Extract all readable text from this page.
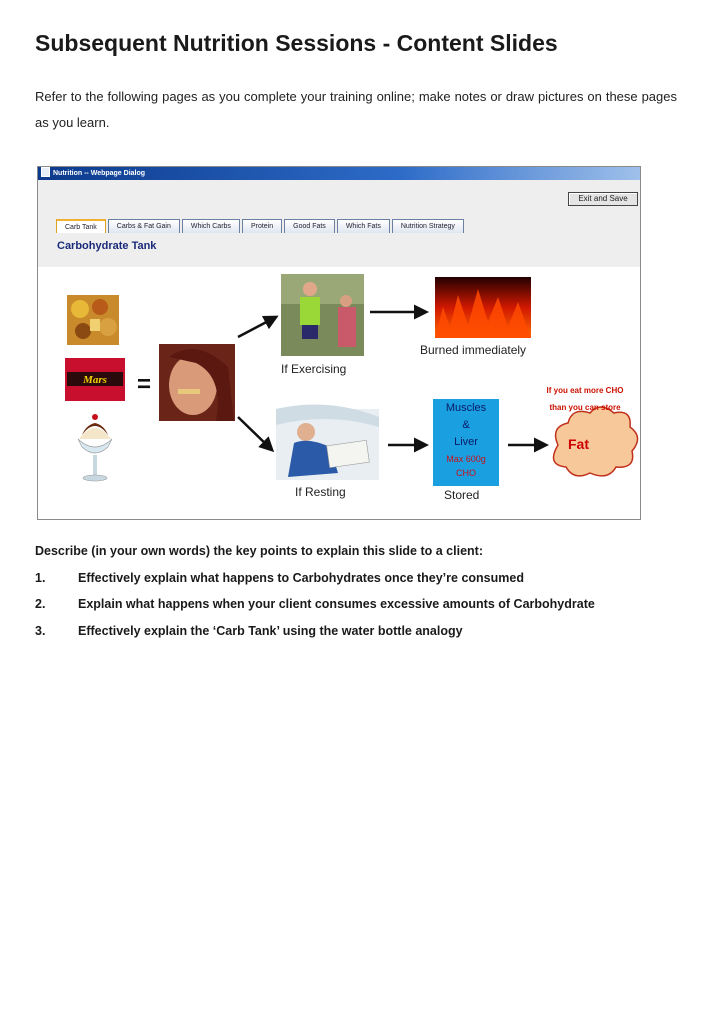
Subsequent Nutrition Sessions - Content Slides
Refer to the following pages as you complete your training online; make notes or draw pictures on these pages as you learn.
Nutrition -- Webpage Dialog
Exit and Save
Carb Tank	Carbs & Fat Gain	Which Carbs	Protein	Good Fats	Which Fats	Nutrition Strategy
Carbohydrate Tank
Mars =
If Exercising
Burned immediately
If Resting	Stored
If you eat more CHO
than you can store
Muscles
&
Liver
Max 600g
CHO
Fat
Describe (in your own words) the key points to explain this slide to a client:
1.	Effectively explain what happens to Carbohydrates once they’re consumed
2.	Explain what happens when your client consumes excessive amounts of Carbohydrate
3.	Effectively explain the ‘Carb Tank’ using the water bottle analogy
